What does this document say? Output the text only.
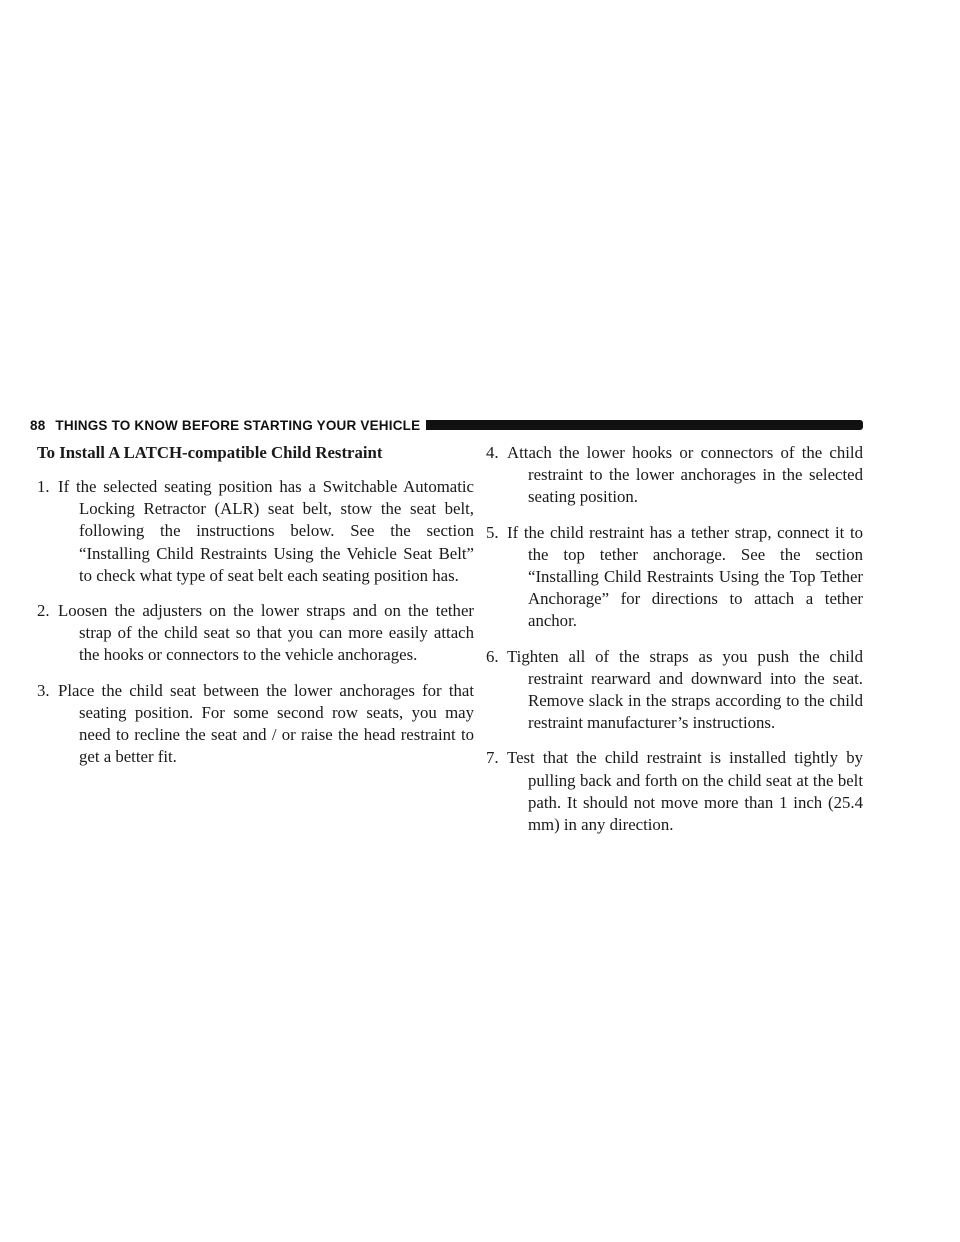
88 THINGS TO KNOW BEFORE STARTING YOUR VEHICLE
To Install A LATCH-compatible Child Restraint
1. If the selected seating position has a Switchable Automatic Locking Retractor (ALR) seat belt, stow the seat belt, following the instructions below. See the section “Installing Child Restraints Using the Vehicle Seat Belt” to check what type of seat belt each seating position has.
2. Loosen the adjusters on the lower straps and on the tether strap of the child seat so that you can more easily attach the hooks or connectors to the vehicle anchorages.
3. Place the child seat between the lower anchorages for that seating position. For some second row seats, you may need to recline the seat and / or raise the head restraint to get a better fit.
4. Attach the lower hooks or connectors of the child restraint to the lower anchorages in the selected seating position.
5. If the child restraint has a tether strap, connect it to the top tether anchorage. See the section “Installing Child Restraints Using the Top Tether Anchorage” for directions to attach a tether anchor.
6. Tighten all of the straps as you push the child restraint rearward and downward into the seat. Remove slack in the straps according to the child restraint manufacturer’s instructions.
7. Test that the child restraint is installed tightly by pulling back and forth on the child seat at the belt path. It should not move more than 1 inch (25.4 mm) in any direction.
